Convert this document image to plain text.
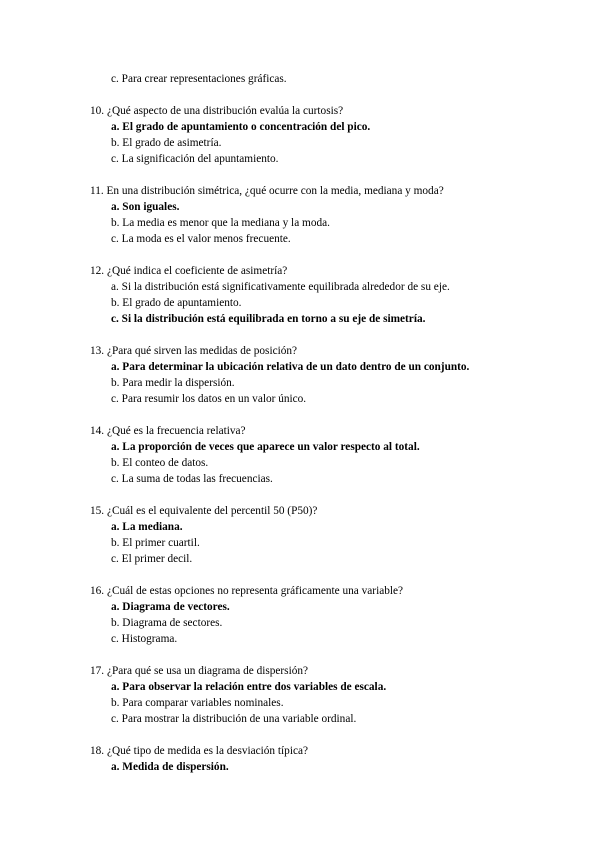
c. Para crear representaciones gráficas.
10. ¿Qué aspecto de una distribución evalúa la curtosis?
a. El grado de apuntamiento o concentración del pico.
b. El grado de asimetría.
c. La significación del apuntamiento.
11. En una distribución simétrica, ¿qué ocurre con la media, mediana y moda?
a. Son iguales.
b. La media es menor que la mediana y la moda.
c. La moda es el valor menos frecuente.
12. ¿Qué indica el coeficiente de asimetría?
a. Si la distribución está significativamente equilibrada alrededor de su eje.
b. El grado de apuntamiento.
c. Si la distribución está equilibrada en torno a su eje de simetría.
13. ¿Para qué sirven las medidas de posición?
a. Para determinar la ubicación relativa de un dato dentro de un conjunto.
b. Para medir la dispersión.
c. Para resumir los datos en un valor único.
14. ¿Qué es la frecuencia relativa?
a. La proporción de veces que aparece un valor respecto al total.
b. El conteo de datos.
c. La suma de todas las frecuencias.
15. ¿Cuál es el equivalente del percentil 50 (P50)?
a. La mediana.
b. El primer cuartil.
c. El primer decil.
16. ¿Cuál de estas opciones no representa gráficamente una variable?
a. Diagrama de vectores.
b. Diagrama de sectores.
c. Histograma.
17. ¿Para qué se usa un diagrama de dispersión?
a. Para observar la relación entre dos variables de escala.
b. Para comparar variables nominales.
c. Para mostrar la distribución de una variable ordinal.
18. ¿Qué tipo de medida es la desviación típica?
a. Medida de dispersión.
